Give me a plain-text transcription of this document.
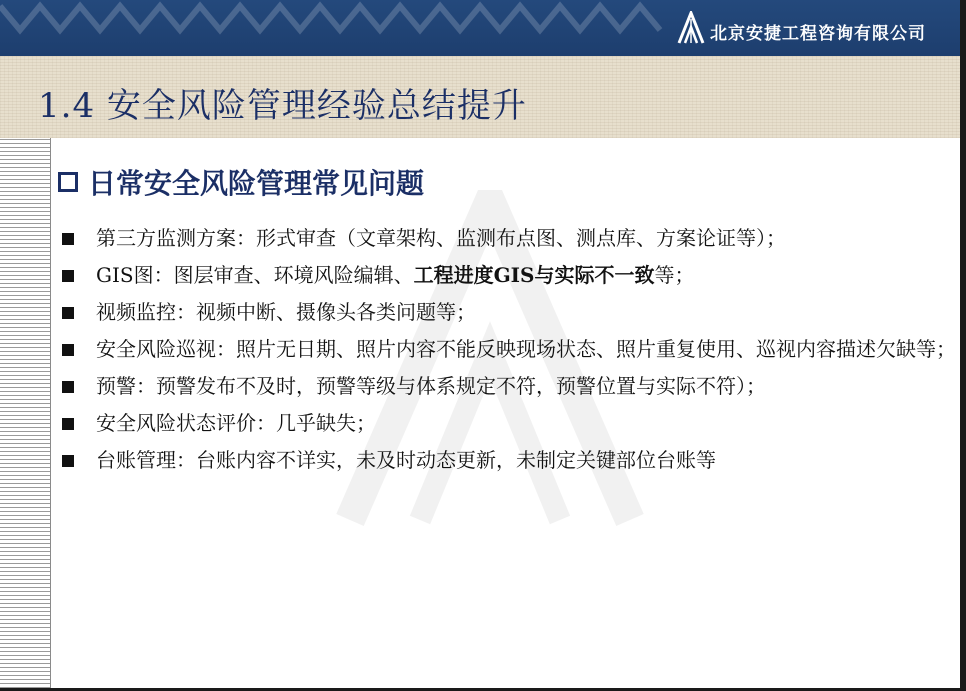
北京安捷工程咨询有限公司
1.4 安全风险管理经验总结提升
日常安全风险管理常见问题
第三方监测方案：形式审查（文章架构、监测布点图、测点库、方案论证等）；
GIS图：图层审查、环境风险编辑、工程进度GIS与实际不一致等；
视频监控：视频中断、摄像头各类问题等；
安全风险巡视：照片无日期、照片内容不能反映现场状态、照片重复使用、巡视内容描述欠缺等；
预警：预警发布不及时，预警等级与体系规定不符，预警位置与实际不符）；
安全风险状态评价：几乎缺失；
台账管理：台账内容不详实，未及时动态更新，未制定关键部位台账等
